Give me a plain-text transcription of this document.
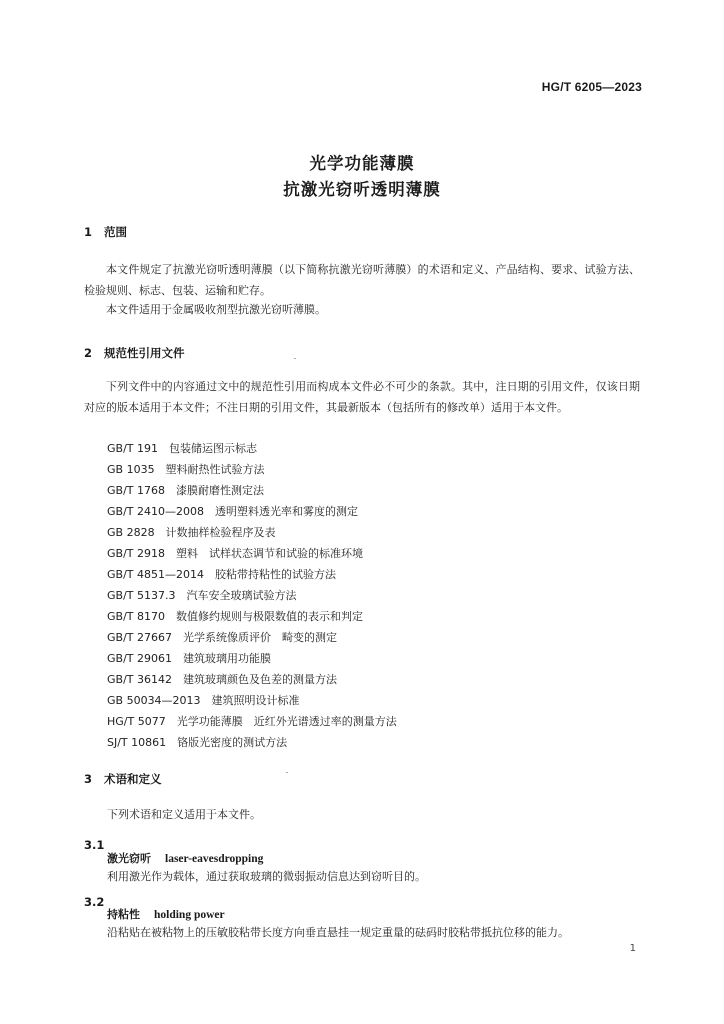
HG/T 6205—2023
光学功能薄膜
抗激光窃听透明薄膜
1 范围
本文件规定了抗激光窃听透明薄膜（以下简称抗激光窃听薄膜）的术语和定义、产品结构、要求、试验方法、检验规则、标志、包装、运输和贮存。
本文件适用于金属吸收剂型抗激光窃听薄膜。
2 规范性引用文件
下列文件中的内容通过文中的规范性引用而构成本文件必不可少的条款。其中，注日期的引用文件，仅该日期对应的版本适用于本文件；不注日期的引用文件，其最新版本（包括所有的修改单）适用于本文件。
GB/T 191　包装储运图示标志
GB 1035　塑料耐热性试验方法
GB/T 1768　漆膜耐磨性测定法
GB/T 2410—2008　透明塑料透光率和雾度的测定
GB 2828　计数抽样检验程序及表
GB/T 2918　塑料　试样状态调节和试验的标准环境
GB/T 4851—2014　胶粘带持粘性的试验方法
GB/T 5137.3　汽车安全玻璃试验方法
GB/T 8170　数值修约规则与极限数值的表示和判定
GB/T 27667　光学系统像质评价　畸变的测定
GB/T 29061　建筑玻璃用功能膜
GB/T 36142　建筑玻璃颜色及色差的测量方法
GB 50034—2013　建筑照明设计标准
HG/T 5077　光学功能薄膜　近红外光谱透过率的测量方法
SJ/T 10861　铬版光密度的测试方法
3 术语和定义
下列术语和定义适用于本文件。
3.1
激光窃听 laser-eavesdropping
利用激光作为载体，通过获取玻璃的微弱振动信息达到窃听目的。
3.2
持粘性 holding power
沿粘贴在被粘物上的压敏胶粘带长度方向垂直悬挂一规定重量的砝码时胶粘带抵抗位移的能力。
1
